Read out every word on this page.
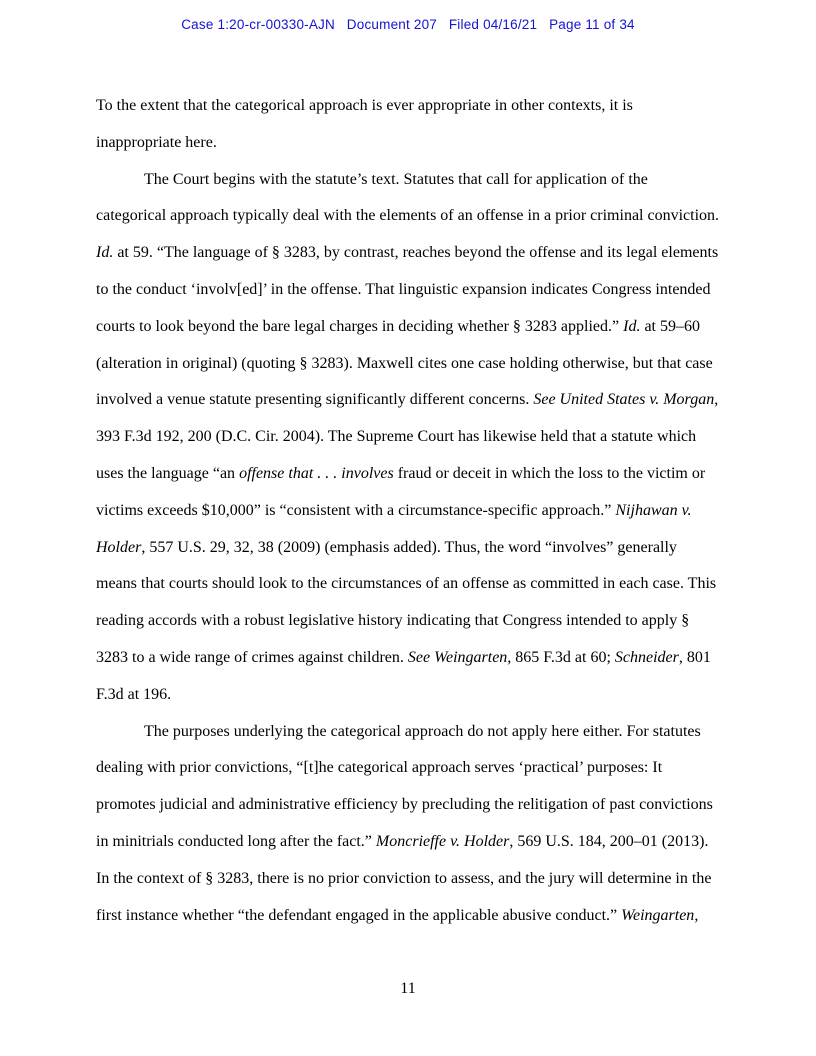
Case 1:20-cr-00330-AJN   Document 207   Filed 04/16/21   Page 11 of 34

To the extent that the categorical approach is ever appropriate in other contexts, it is inappropriate here.

The Court begins with the statute’s text. Statutes that call for application of the categorical approach typically deal with the elements of an offense in a prior criminal conviction. Id. at 59. “The language of § 3283, by contrast, reaches beyond the offense and its legal elements to the conduct ‘involv[ed]’ in the offense. That linguistic expansion indicates Congress intended courts to look beyond the bare legal charges in deciding whether § 3283 applied.” Id. at 59–60 (alteration in original) (quoting § 3283). Maxwell cites one case holding otherwise, but that case involved a venue statute presenting significantly different concerns. See United States v. Morgan, 393 F.3d 192, 200 (D.C. Cir. 2004). The Supreme Court has likewise held that a statute which uses the language “an offense that . . . involves fraud or deceit in which the loss to the victim or victims exceeds $10,000” is “consistent with a circumstance-specific approach.” Nijhawan v. Holder, 557 U.S. 29, 32, 38 (2009) (emphasis added). Thus, the word “involves” generally means that courts should look to the circumstances of an offense as committed in each case. This reading accords with a robust legislative history indicating that Congress intended to apply § 3283 to a wide range of crimes against children. See Weingarten, 865 F.3d at 60; Schneider, 801 F.3d at 196.

The purposes underlying the categorical approach do not apply here either. For statutes dealing with prior convictions, “[t]he categorical approach serves ‘practical’ purposes: It promotes judicial and administrative efficiency by precluding the relitigation of past convictions in minitrials conducted long after the fact.” Moncrieffe v. Holder, 569 U.S. 184, 200–01 (2013). In the context of § 3283, there is no prior conviction to assess, and the jury will determine in the first instance whether “the defendant engaged in the applicable abusive conduct.” Weingarten,

11
